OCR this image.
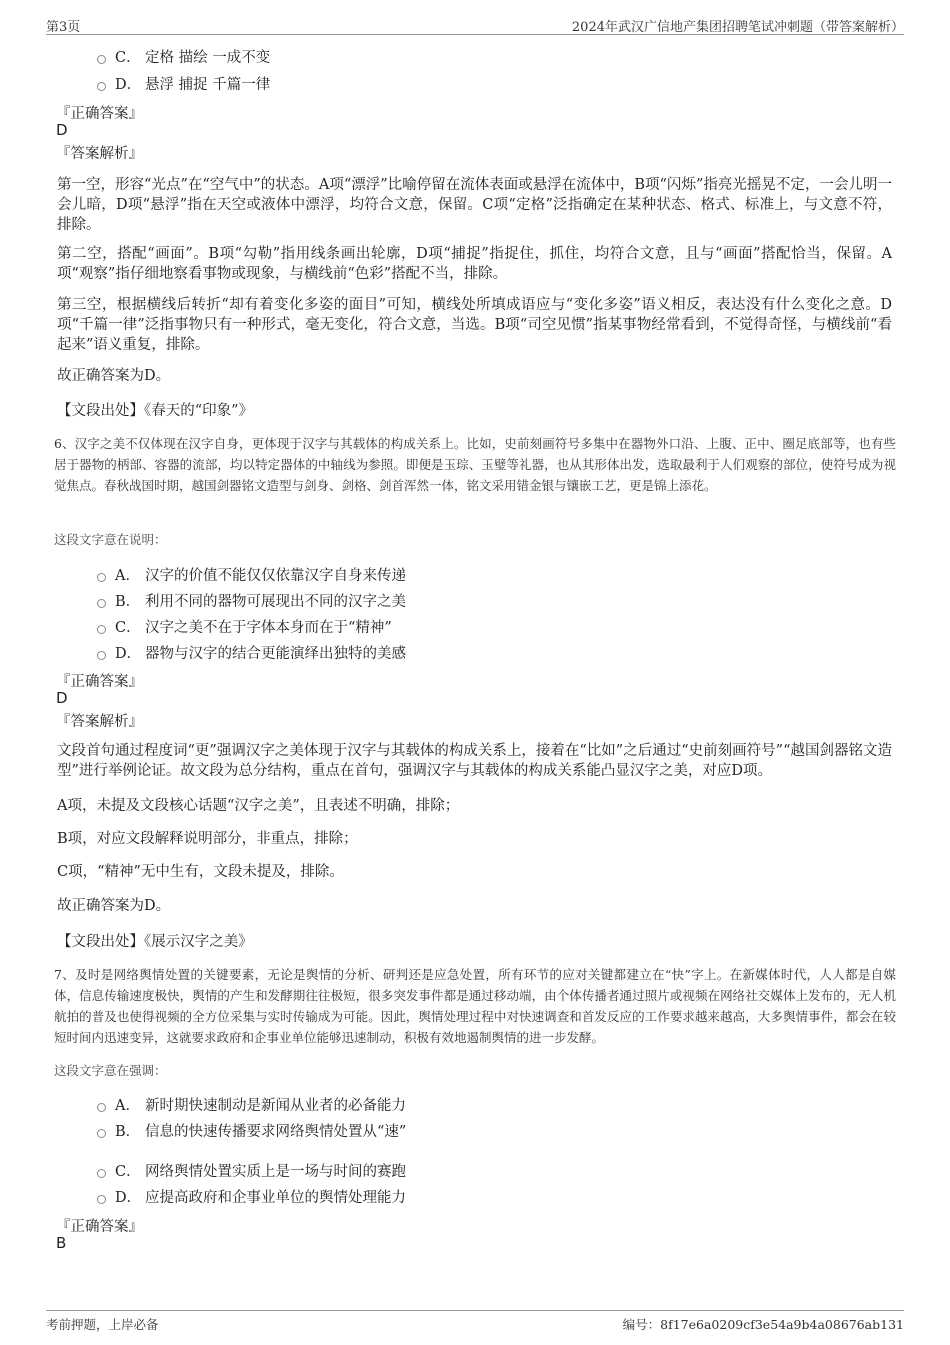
第3页	2024年武汉广信地产集团招聘笔试冲刺题（带答案解析）
C． 定格 描绘 一成不变
D． 悬浮 捕捉 千篇一律
『正确答案』
D
『答案解析』
第一空，形容“光点”在“空气中”的状态。A项“漂浮”比喻停留在流体表面或悬浮在流体中，B项“闪烁”指亮光摇晃不定，一会儿明一会儿暗，D项“悬浮”指在天空或液体中漂浮，均符合文意，保留。C项“定格”泛指确定在某种状态、格式、标准上，与文意不符，排除。
第二空，搭配“画面”。B项“勾勒”指用线条画出轮廓，D项“捕捉”指捉住，抓住，均符合文意，且与“画面”搭配恰当，保留。A项“观察”指仔细地察看事物或现象，与横线前“色彩”搭配不当，排除。
第三空，根据横线后转折“却有着变化多姿的面目”可知，横线处所填成语应与“变化多姿”语义相反，表达没有什么变化之意。D项“千篇一律”泛指事物只有一种形式，毫无变化，符合文意，当选。B项“司空见惯”指某事物经常看到，不觉得奇怪，与横线前“看起来”语义重复，排除。
故正确答案为D。
【文段出处】《春天的“印象”》
6、汉字之美不仅体现在汉字自身，更体现于汉字与其载体的构成关系上。比如，史前刻画符号多集中在器物外口沿、上腹、正中、圈足底部等，也有些居于器物的柄部、容器的流部，均以特定器体的中轴线为参照。即便是玉琮、玉璧等礼器，也从其形体出发，选取最利于人们观察的部位，使符号成为视觉焦点。春秋战国时期，越国剑器铭文造型与剑身、剑格、剑首浑然一体，铭文采用错金银与镶嵌工艺，更是锦上添花。
这段文字意在说明：
A． 汉字的价值不能仅仅依靠汉字自身来传递
B． 利用不同的器物可展现出不同的汉字之美
C． 汉字之美不在于字体本身而在于“精神”
D． 器物与汉字的结合更能演绎出独特的美感
『正确答案』
D
『答案解析』
文段首句通过程度词“更”强调汉字之美体现于汉字与其载体的构成关系上，接着在“比如”之后通过“史前刻画符号”“越国剑器铭文造型”进行举例论证。故文段为总分结构，重点在首句，强调汉字与其载体的构成关系能凸显汉字之美，对应D项。
A项，未提及文段核心话题“汉字之美”，且表述不明确，排除；
B项，对应文段解释说明部分，非重点，排除；
C项，“精神”无中生有，文段未提及，排除。
故正确答案为D。
【文段出处】《展示汉字之美》
7、及时是网络舆情处置的关键要素，无论是舆情的分析、研判还是应急处置，所有环节的应对关键都建立在“快”字上。在新媒体时代，人人都是自媒体，信息传输速度极快，舆情的产生和发酵期往往极短，很多突发事件都是通过移动端，由个体传播者通过照片或视频在网络社交媒体上发布的，无人机航拍的普及也使得视频的全方位采集与实时传输成为可能。因此，舆情处理过程中对快速调查和首发反应的工作要求越来越高，大多舆情事件，都会在较短时间内迅速变异，这就要求政府和企事业单位能够迅速制动，积极有效地遏制舆情的进一步发酵。
这段文字意在强调：
A． 新时期快速制动是新闻从业者的必备能力
B． 信息的快速传播要求网络舆情处置从“速”
C． 网络舆情处置实质上是一场与时间的赛跑
D． 应提高政府和企事业单位的舆情处理能力
『正确答案』
B
考前押题，上岸必备	编号：8f17e6a0209cf3e54a9b4a08676ab131
